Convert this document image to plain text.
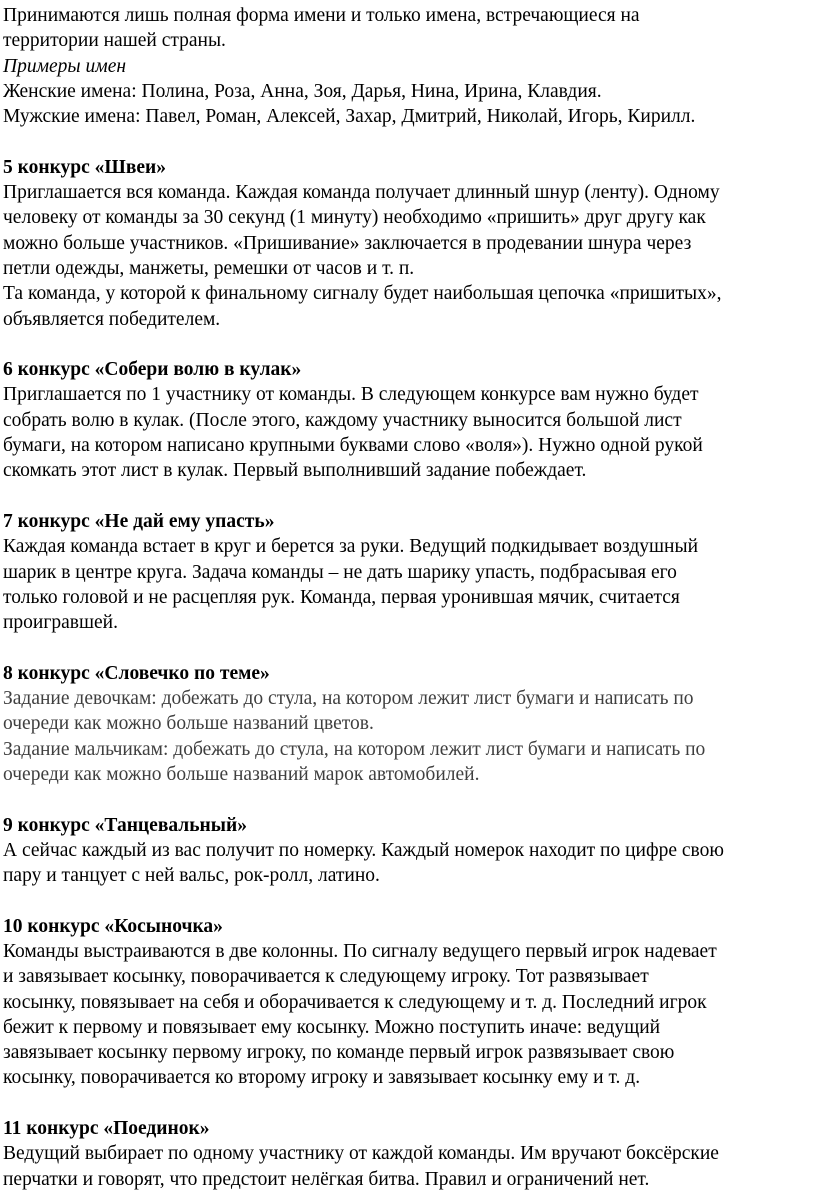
Принимаются лишь полная форма имени и только имена, встречающиеся на

территории нашей страны.

Примеры имен

Женские имена: Полина, Роза, Анна, Зоя, Дарья, Нина, Ирина, Клавдия.

Мужские имена: Павел, Роман, Алексей, Захар, Дмитрий, Николай, Игорь, Кирилл.

5 конкурс «Швеи»

Приглашается вся команда. Каждая команда получает длинный шнур (ленту). Одному

человеку от команды за 30 секунд (1 минуту) необходимо «пришить» друг другу как

можно больше участников. «Пришивание» заключается в продевании шнура через

петли одежды, манжеты, ремешки от часов и т. п.

Та команда, у которой к финальному сигналу будет наибольшая цепочка «пришитых»,

объявляется победителем.

6 конкурс «Собери волю в кулак»

Приглашается по 1 участнику от команды. В следующем конкурсе вам нужно будет

собрать волю в кулак. (После этого, каждому участнику выносится большой лист

бумаги, на котором написано крупными буквами слово «воля»). Нужно одной рукой

скомкать этот лист в кулак. Первый выполнивший задание побеждает.

7 конкурс «Не дай ему упасть»

Каждая команда встает в круг и берется за руки. Ведущий подкидывает воздушный

шарик в центре круга. Задача команды – не дать шарику упасть, подбрасывая его

только головой и не расцепляя рук. Команда, первая уронившая мячик, считается

проигравшей.

8 конкурс «Словечко по теме»

Задание девочкам: добежать до стула, на котором лежит лист бумаги и написать по

очереди как можно больше названий цветов.

Задание мальчикам: добежать до стула, на котором лежит лист бумаги и написать по

очереди как можно больше названий марок автомобилей.

9 конкурс «Танцевальный»

А сейчас каждый из вас получит по номерку. Каждый номерок находит по цифре свою

пару и танцует с ней вальс, рок-ролл, латино.

10 конкурс «Косыночка»

Команды выстраиваются в две колонны. По сигналу ведущего первый игрок надевает

и завязывает косынку, поворачивается к следующему игроку. Тот развязывает

косынку, повязывает на себя и оборачивается к следующему и т. д. Последний игрок

бежит к первому и повязывает ему косынку. Можно поступить иначе: ведущий

завязывает косынку первому игроку, по команде первый игрок развязывает свою

косынку, поворачивается ко второму игроку и завязывает косынку ему и т. д.

11 конкурс «Поединок»

Ведущий выбирает по одному участнику от каждой команды. Им вручают боксёрские

перчатки и говорят, что предстоит нелёгкая битва. Правил и ограничений нет.
